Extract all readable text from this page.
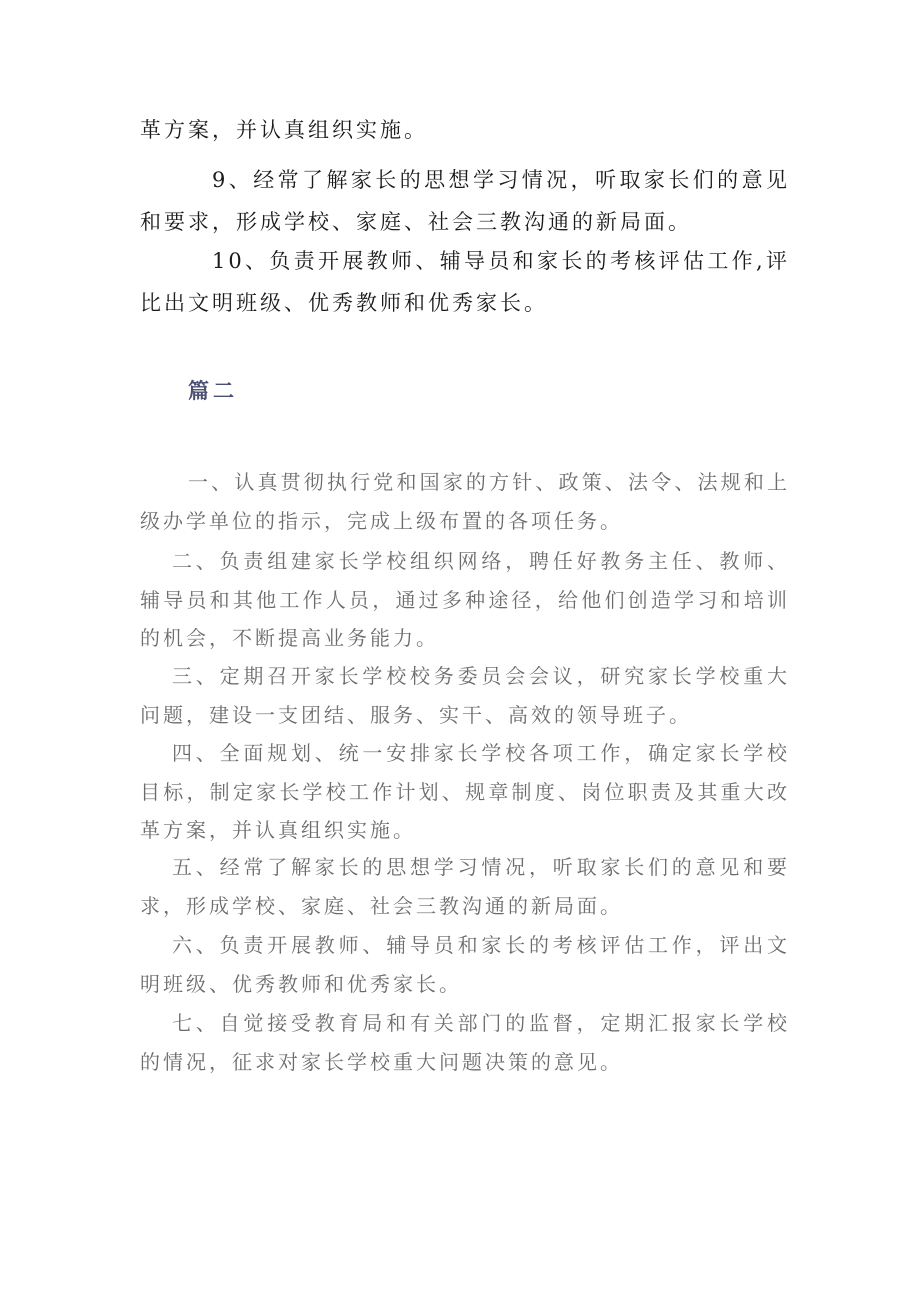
革方案，并认真组织实施。

9、经常了解家长的思想学习情况，听取家长们的意见和要求，形成学校、家庭、社会三教沟通的新局面。

10、负责开展教师、辅导员和家长的考核评估工作,评比出文明班级、优秀教师和优秀家长。

篇二

一、认真贯彻执行党和国家的方针、政策、法令、法规和上级办学单位的指示，完成上级布置的各项任务。

二、负责组建家长学校组织网络，聘任好教务主任、教师、辅导员和其他工作人员，通过多种途径，给他们创造学习和培训的机会，不断提高业务能力。

三、定期召开家长学校校务委员会会议，研究家长学校重大问题，建设一支团结、服务、实干、高效的领导班子。

四、全面规划、统一安排家长学校各项工作，确定家长学校目标，制定家长学校工作计划、规章制度、岗位职责及其重大改革方案，并认真组织实施。

五、经常了解家长的思想学习情况，听取家长们的意见和要求，形成学校、家庭、社会三教沟通的新局面。

六、负责开展教师、辅导员和家长的考核评估工作，评出文明班级、优秀教师和优秀家长。

七、自觉接受教育局和有关部门的监督，定期汇报家长学校的情况，征求对家长学校重大问题决策的意见。
